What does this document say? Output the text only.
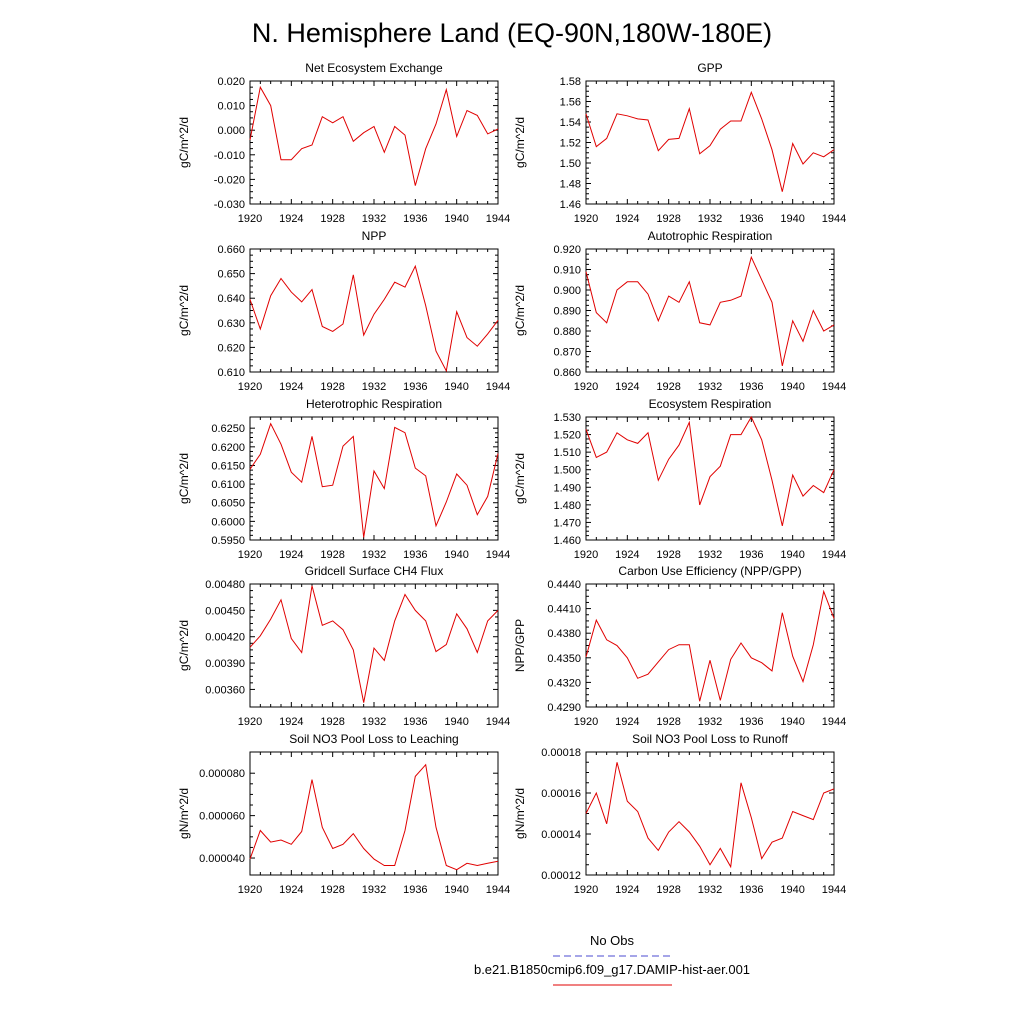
N. Hemisphere Land (EQ-90N,180W-180E)
Net Ecosystem Exchange
1920 1924 1928 1932 1936 1940 1944
-0.030
-0.020
-0.010
0.000
0.010
0.020
gC/m^2/d
GPP
1920 1924 1928 1932 1936 1940 1944
1.46
1.48
1.50
1.52
1.54
1.56
1.58
gC/m^2/d
NPP
1920 1924 1928 1932 1936 1940 1944
0.610
0.620
0.630
0.640
0.650
0.660
gC/m^2/d
Autotrophic Respiration
1920 1924 1928 1932 1936 1940 1944
0.860
0.870
0.880
0.890
0.900
0.910
0.920
gC/m^2/d
Heterotrophic Respiration
1920 1924 1928 1932 1936 1940 1944
0.5950
0.6000
0.6050
0.6100
0.6150
0.6200
0.6250
gC/m^2/d
Ecosystem Respiration
1920 1924 1928 1932 1936 1940 1944
1.460
1.470
1.480
1.490
1.500
1.510
1.520
1.530
gC/m^2/d
Gridcell Surface CH4 Flux
1920 1924 1928 1932 1936 1940 1944
0.00360
0.00390
0.00420
0.00450
0.00480
gC/m^2/d
Carbon Use Efficiency (NPP/GPP)
1920 1924 1928 1932 1936 1940 1944
0.4290
0.4320
0.4350
0.4380
0.4410
0.4440
NPP/GPP
Soil NO3 Pool Loss to Leaching
1920 1924 1928 1932 1936 1940 1944
0.000040
0.000060
0.000080
gN/m^2/d
Soil NO3 Pool Loss to Runoff
1920 1924 1928 1932 1936 1940 1944
0.00012
0.00014
0.00016
0.00018
gN/m^2/d
No Obs
b.e21.B1850cmip6.f09_g17.DAMIP-hist-aer.001
